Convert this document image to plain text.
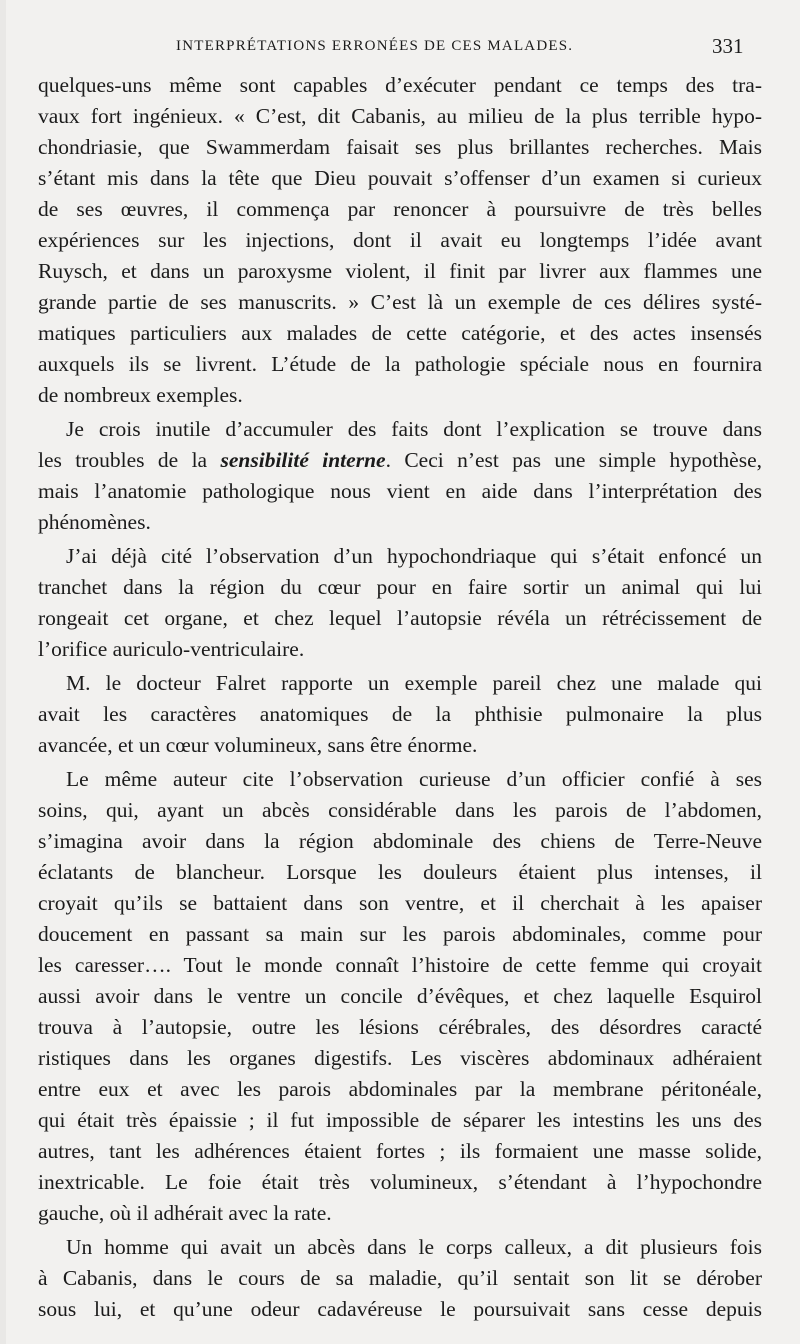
INTERPRÉTATIONS ERRONÉES DE CES MALADES.	331
quelques-uns même sont capables d’exécuter pendant ce temps des tra-
vaux fort ingénieux. « C’est, dit Cabanis, au milieu de la plus terrible hypo-
chondriasie, que Swammerdam faisait ses plus brillantes recherches. Mais
s’étant mis dans la tête que Dieu pouvait s’offenser d’un examen si curieux
de ses œuvres, il commença par renoncer à poursuivre de très belles
expériences sur les injections, dont il avait eu longtemps l’idée avant
Ruysch, et dans un paroxysme violent, il finit par livrer aux flammes une
grande partie de ses manuscrits. » C’est là un exemple de ces délires systé-
matiques particuliers aux malades de cette catégorie, et des actes insensés
auxquels ils se livrent. L’étude de la pathologie spéciale nous en fournira
de nombreux exemples.
Je crois inutile d’accumuler des faits dont l’explication se trouve dans
les troubles de la sensibilité interne. Ceci n’est pas une simple hypothèse,
mais l’anatomie pathologique nous vient en aide dans l’interprétation des
phénomènes.
J’ai déjà cité l’observation d’un hypochondriaque qui s’était enfoncé un
tranchet dans la région du cœur pour en faire sortir un animal qui lui
rongeait cet organe, et chez lequel l’autopsie révéla un rétrécissement de
l’orifice auriculo-ventriculaire.
M. le docteur Falret rapporte un exemple pareil chez une malade qui
avait les caractères anatomiques de la phthisie pulmonaire la plus
avancée, et un cœur volumineux, sans être énorme.
Le même auteur cite l’observation curieuse d’un officier confié à ses
soins, qui, ayant un abcès considérable dans les parois de l’abdomen,
s’imagina avoir dans la région abdominale des chiens de Terre-Neuve
éclatants de blancheur. Lorsque les douleurs étaient plus intenses, il
croyait qu’ils se battaient dans son ventre, et il cherchait à les apaiser
doucement en passant sa main sur les parois abdominales, comme pour
les caresser…. Tout le monde connaît l’histoire de cette femme qui croyait
aussi avoir dans le ventre un concile d’évêques, et chez laquelle Esquirol
trouva à l’autopsie, outre les lésions cérébrales, des désordres caracté
ristiques dans les organes digestifs. Les viscères abdominaux adhéraient
entre eux et avec les parois abdominales par la membrane péritonéale,
qui était très épaissie ; il fut impossible de séparer les intestins les uns des
autres, tant les adhérences étaient fortes ; ils formaient une masse solide,
inextricable. Le foie était très volumineux, s’étendant à l’hypochondre
gauche, où il adhérait avec la rate.
Un homme qui avait un abcès dans le corps calleux, a dit plusieurs fois
à Cabanis, dans le cours de sa maladie, qu’il sentait son lit se dérober
sous lui, et qu’une odeur cadavéreuse le poursuivait sans cesse depuis
